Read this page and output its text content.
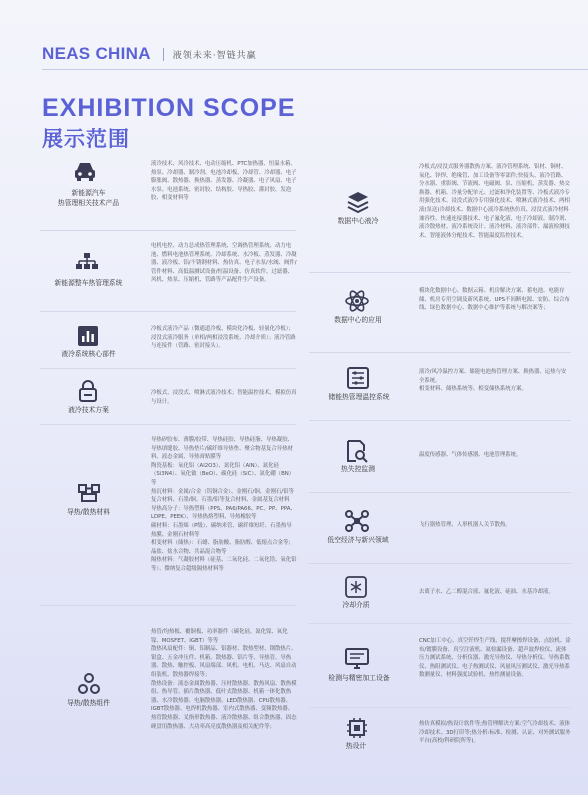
NEAS CHINA 液领未来·智链共赢
EXHIBITION SCOPE
展示范围
新能源汽车
热管理相关技术产品
液冷技术、风冷技术、电动压缩机、PTC加热器、恒温水箱、热泵、冷却器、制冷剂、电池冷却板、冷却管、冷却器、电子膨胀阀、散热器、换热器、蒸发器、冷凝器、电子风扇、电子水泵、电池系统、密封胶、结构胶、导热胶、灌封胶、发泡胶、相变材料等
新能源整车热管理系统
电机电控、动力总成热管理系统、空调热管理系统、动力电池、燃料电池热管理系统、冷却系统、水冷板、蒸发器、冷凝器、液冷板、铝/不锈钢材料、热仿真、电子水泵/水阀、阀件/管件材料、高低温测试设备/恒温设备、仿真软件、过滤器、风机、热泵、压缩机、管路等产品配件生产设备。
液冷系统核心部件
冷板式液冷产品（微通道冷板、模块化冷板、轻量化冷板）；浸没式液冷服务（单相/两相浸没系统、冷却介质）；液冷管路与连接件（管路、密封接头）。
液冷技术方案
冷板式、浸没式、喷淋式液冷技术；智能温控技术，模拟仿真与设计。
导热/散热材料
导热矽胶布、薄膜/胶带、导热硅胶、导热硅脂、导热凝胶、导热填缝胶、导热垫片/碳纤维导热垫、聚合物基复合导热材料、液态金属、导热膏贴膜等
陶瓷基板：氧化铝（Al2O3）、氮化铝（AlN）、氮化硅（Si3N4）、氧化铍（BeO）、碳化硅（SiC）、氮化硼（BN）等
热沉材料：金属/合金（钨铜合金）、金刚石/铜、金刚石/铝等复合材料、石墨/铜、石墨/铝等复合材料、金属基复合材料
导热高分子：导热塑料（PPS、PA6/PA66、PC、PP、PPA、LDPE、PEEK）、导热热熔塑料、导热橡胶等
碳材料：石墨烯（P级）、碳纳米管、碳纤维短纤、石墨热导热膜、金刚石材料等
相变材料（储热）：石蜡、脂肪酸、脂肪醇、低熔点合金等；晶盐、盐水合物、共晶混合物等
隔热材料：气凝胶材料（硅基、二氧化硅、二氧化锆、氧化铝等）、微纳复合超级隔热材料等
导热/散热组件
热管/均热板、覆铜板、功率器件（碳化硅、氮化镓、氧化镓、MOSFET、IGBT）等等
散热风扇配件：铜、铝制品、铝器材、散热型材、钢散热片、银盒、五金冲压件、机箱、散热器、铝片等、导热管、导热器、散热、触控板、风扇端部、风机、电机、马达、风扇自动组装机、散热器焊接等；
散热设备：液态金属散热器、压材散热器、散热风扇、散热模组、热导管、插片散热器、低叶式散热器、机箱一体化散热器、水冷散热器、电脑散热器、LED散热器、CPU散热器、IGBT散热器、电焊机散热器、室内式散热器、变频散热器、热管散热器、叉指形散热器、液冷散热器、组合散热器、固态硬盘用散热器、大功率高亮度散热器及相关配件等；
数据中心液冷
冷板式/浸没式服务器散热方案、液冷管理系统、铝材、铜材、氧化、锌焊、绝缘管、加工设备等零部件;快接头、液冷管路、分水器、重影阀、节流阀、电磁阀、泵、压缩机、蒸发器、热交换器、机箱、冷量分配单元、过滤和净化装置等、冷板式液冷专用强化技术、浸没式液冷专用强化技术、喷淋式液冷技术、两相液(泵送)冷却技术、数据中心液冷系统热仿真、浸没式液冷材料兼容性、快速连接器技术、电子氟化液、电子冷却液、制冷剂、液冷散热材、液冷系统设计、液冷材料、液冷部件、漏液检测技术、智能液体分配技术、智能温度监控技术。
数据中心的应用
模块化数据中心、数据云箱、机房解决方案、蓄电池、电能存储、机房专用空调及新风系统、UPS不间断电源、安防、综合布线、绿色数据中心、数据中心维护等系统与解决案等；
储能热管理温控系统
液冷/风冷温控方案、储能电池热管理方案、换热器、运热与安全系统。
相变材料、储热系统等、相变储热系统方案。
热失控监测
温度传感器、气体传感器、电池管理系统。
低空经济与新兴领域
飞行器热管理、人形机器人关节散热。
冷却介质
去离子水、乙二醇混合液、氟化液、硅油、水基冷却液。
检测与精密加工设备
CNC加工中心、真空钎焊生产线、搅拌摩擦焊设备、点胶机、涂布/镀膜设备、真空注液机、氦检漏设备、超声波焊检仪、流体压力测试系统、分析仪器、激光导热仪、导热分析仪、导热系数仪、热阻测试仪、电子热测试仪、风量风压测试仪、激光导热系数测量仪、材料强度试验机、热性测量设备。
热设计
热仿真模拟/热设计软件等;热管理解决方案:空气冷却技术、液体冷却技术、3D打印等;热分析:标准、检测、认证、对外测试服务平台(高校/科研院所等)。
